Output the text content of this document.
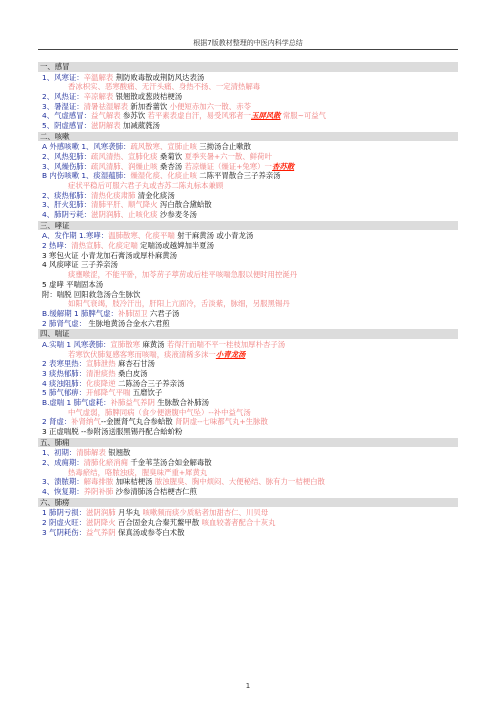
根据7版教材整理的中医内科学总结
一、感冒
1、风寒证：辛温解表 荆防败毒散或荆防风达表汤
香冰枳实、恶寒酸痛、无汗头痛、身热不扬、一定清热解毒
2、风热证：辛凉解表 银翘散或葱豉桔梗汤
3、暑湿证：清暑祛湿解表 新加香薷饮 小便短赤加六一散、赤苓
4、气虚感冒：益气解表 参苏饮 若平素表虚自汗，易受风邪者一玉屏风散 常服~可益气
5、阴虚感冒：滋阴解表 加减葳蕤汤
二、咳嗽
A 外感咳嗽 1、风寒袭肺：疏风散寒、宣肺止咳 三拗汤合止嗽散
2、风热犯肺：疏风清热、宣肺化痰 桑菊饮 夏季夹暑+六一散、鲜荷叶
3、风燥伤肺：疏风清肺、润燥止咳 桑杏汤 若凉燥证（燥证+兔寒）一杏苏散
B 内伤咳嗽 1、痰湿蕴肺：燥湿化痰、化痰止咳 二陈平胃散合三子养亲汤
症状平稳后可服六君子丸或杏苏二陈丸标本兼顾
2、痰热郁肺：清热化痰肃肺 清金化痰汤
3、肝火犯肺：清肺平肝、顺气降火 泻白散合黛蛤散
4、肺阴亏耗：滋阴润肺、止咳化痰 沙参麦冬汤
三、哮证
A、发作期 1.寒哮：温肺散寒、化痰平喘 射干麻黄汤 或小青龙汤
2 热哮：清热宣肺、化痰定喘 定喘汤或越婢加半夏汤
3 寒包火证 小青龙加石膏汤或厚朴麻黄汤
4 风痰哮证 三子养亲汤
痰壅喉涩，不能平卧，加苓苈子葶苈或后桂平咳喘急服以便时用控涎丹
5 虚哮 平喘固本汤
附：喘脱 回阳救急汤合生脉饮
如阳气衰竭，肢冷汗出，肝阳上亢面冷，舌淡紫，脉细，另服黑锡丹
B.缓解期 1 肺脾气虚：补肺固卫 六君子汤
2 肺肾气虚： 生脉地黄汤合金水六君煎
四、喘证
A.实喘 1 风寒袭肺：宣肺散寒 麻黄汤 若得汗而喘不平一桂枝加厚朴杏子汤
若寒饮伏肺复感客寒而咳喘，痰液清稀多沫一小青龙汤
2 表寒里热：宣肺泄热 麻杏石甘汤
3 痰热郁肺：清泄痰热 桑白皮汤
4 痰浊阻肺：化痰降逆 二陈汤合三子养亲汤
5 肺气郁痹：开郁降气平喘 五磨饮子
B.虚喘 1 肺气虚耗：补肺益气养阴 生脉散合补肺汤
中气虚弱，肺脾同病（食少便溏腹中气坠）--补中益气汤
2 肾虚：补肾纳气--金匮肾气丸合参蛤散 肾阴虚--七味都气丸+生脉散
3 正虚喘脱 --参附汤送服黑锡丹配合蛤蚧粉
五、肺痈
1、初期：清肺解表 银翘散
2、成痈期：清肺化瘀消痈 千金苇茎汤合如金解毒散
热毒瘀结，咯脓浊痰，腥臭味严重+犀黄丸
3、溃脓期：解毒排脓 加味桔梗汤 脓浊腥臭、胸中烦闷、大便秘结、脉有力一桔梗白散
4、恢复期：养阴补肺 沙参清肺汤合桔梗杏仁煎
六、肺痨
1 肺阴亏损：滋阴润肺 月华丸 咳嗽频而痰少质粘者加甜杏仁、川贝母
2 阴虚火旺：滋阴降火 百合固金丸合秦艽鳖甲散 咳血较著者配合十灰丸
3 气阴耗伤：益气养阴 保真汤或参苓白术散
1
